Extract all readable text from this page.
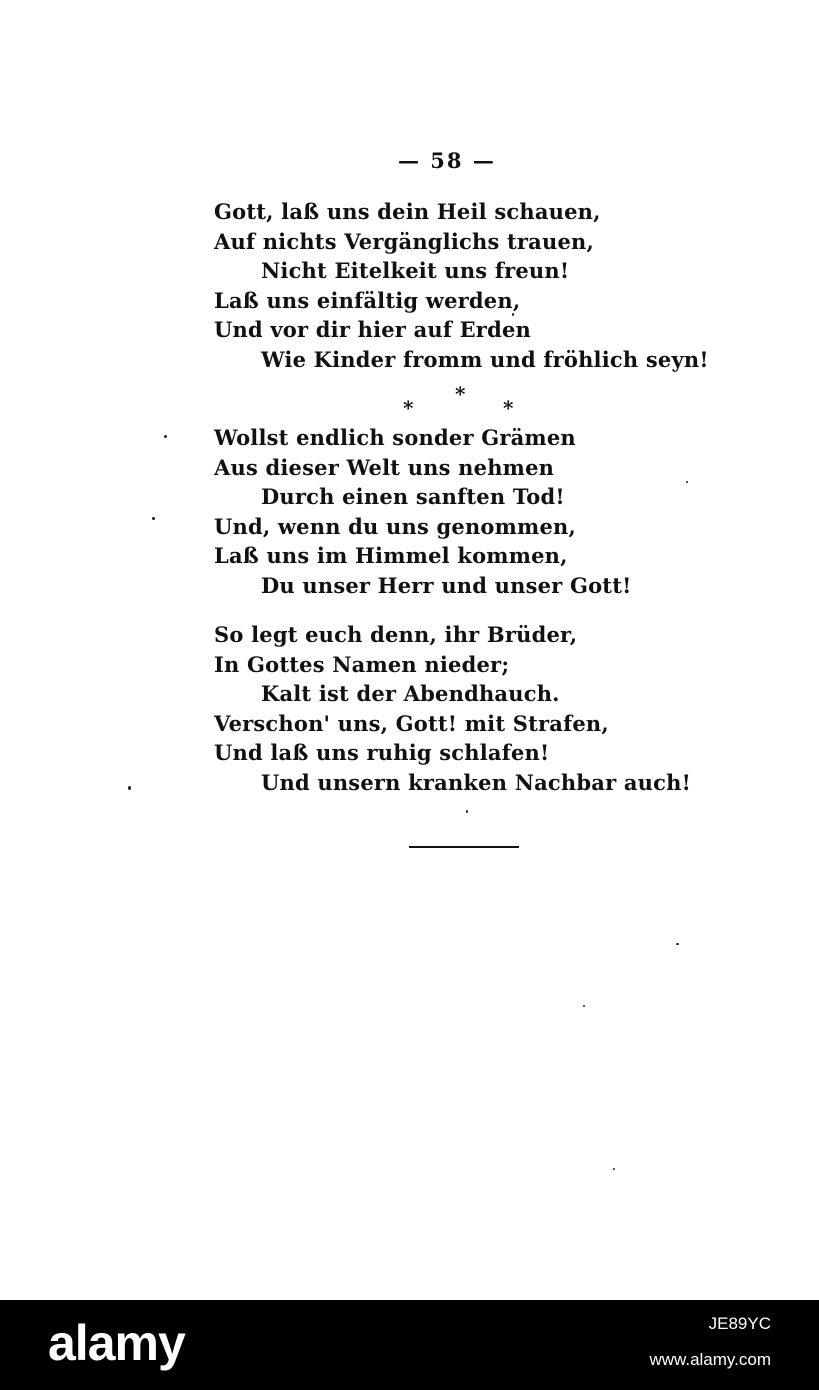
— 58 —
Gott, laß uns dein Heil schauen,
Auf nichts Vergänglichs trauen,
Nicht Eitelkeit uns freun!
Laß uns einfältig werden,
Und vor dir hier auf Erden
Wie Kinder fromm und fröhlich seyn!
*
*	*
Wollst endlich sonder Grämen
Aus dieser Welt uns nehmen
Durch einen sanften Tod!
Und, wenn du uns genommen,
Laß uns im Himmel kommen,
Du unser Herr und unser Gott!
So legt euch denn, ihr Brüder,
In Gottes Namen nieder;
Kalt ist der Abendhauch.
Verschon' uns, Gott! mit Strafen,
Und laß uns ruhig schlafen!
Und unsern kranken Nachbar auch!
alamy	JE89YC
www.alamy.com
